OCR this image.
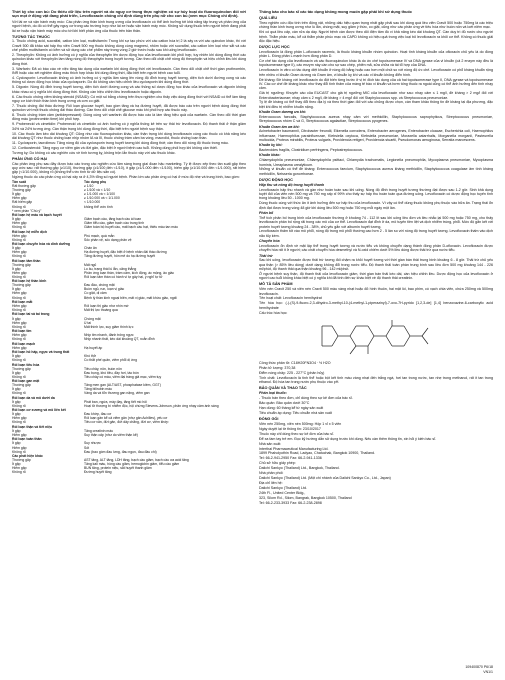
Thời kỳ cho con bú: Do thiếu dữ liệu trên người và do nguy cơ trong thực nghiệm có sự hủy hoại do fluoroquinolon đối với sụn mọt ở động vật đang phát triển, Levofloxacin chống chỉ định dùng trên phụ nữ cho con bú (xem mục Chống chỉ định).
Với lái xe và vận hành máy móc: Các phản ứng thần kinh trung ương của levofloxacin có thể ảnh hưởng tới khả năng tập trung và phản ứng của người bệnh, do đó có thể gây nguy cơ trong các trường hợp như lái xe hoặc vận hành máy móc. Không sử dụng thuốc trên người bệnh đang phải lái xe hoặc vận hành máy móc cho tới khi biết phản ứng của thuốc trên bản thân.
TƯƠNG TÁC THUỐC
1. Thuốc chống acid, sucralfat, cation kim loại, multivitamin: Trong khi sự tạo phức với các cation hóa trị 2 là xảy ra với các quinolon khác, thì với Cravit 500 đã khảo sát hấp thụ viên Cravit 500 mg thuốc không dùng cùng magnesi, nhôm hoặc với sucralfat, các cation kim loại như sắt và các chế phẩm multivitamin có kẽm và sử dụng các chế phẩm này trong vòng 2 giờ trước hoặc sau khi uống levofloxacin.
2. Theophylin: Không có ảnh hưởng có ý nghĩa của theophylin lên dược động học của levofloxacin khi phối hợp, tuy nhiên khi dùng đồng thời các quinolon khác với theophylin làm tăng nồng độ theophylin trong huyết tương. Cần theo dõi chặt chẽ nồng độ theophylin và hiệu chỉnh liều khi dùng đồng thời.
3. Warfarin: Đã có báo cáo về việc tăng tác dụng của warfarin khi dùng đồng thời với levofloxacin. Cần theo dõi chặt chẽ thời gian prothrombin, INR hoặc các xét nghiệm đông máu thích hợp khác khi dùng đồng thời, đặc biệt trên người bệnh cao tuổi.
4. Cyclosporin: Levofloxacin không có ảnh hưởng có ý nghĩa lâm sàng lên nồng độ đỉnh trong huyết tương, diện tích dưới đường cong và các thông số dược động học khác của cyclosporin. Do đó không cần hiệu chỉnh liều cyclosporin khi dùng đồng thời.
5. Digoxin: Nồng độ đỉnh trong huyết tương, diện tích dưới đường cong và các thông số dược động học khác của levofloxacin và digoxin không khác nhau có ý nghĩa khi dùng đồng thời. Không cần hiệu chỉnh liều levofloxacin hoặc digoxin.
6. Các thuốc chống viêm không steroid (NSAID): Có một số bằng chứng trên thực nghiệm cho thấy việc dùng đồng thời với NSAID có thể làm tăng nguy cơ kích thích thần kinh trung ương và cơn co giật.
7. Thuốc chống đái tháo đường: Rối loạn glucose huyết, bao gồm tăng và hạ đường huyết, đã được báo cáo trên người bệnh dùng đồng thời quinolon với một thuốc chống đái tháo đường. Cần theo dõi chặt chẽ glucose máu khi phối hợp các thuốc này.
8. Thuốc chống trầm cảm (antidepressant): Dùng cùng với warfarin đã được báo cáo là làm tăng hiệu quả của warfarin. Cần theo dõi thời gian đông máu (prothrombin time) khi phối hợp.
9. Probenecid và cimetidin: Probenecid và cimetidin có ảnh hưởng có ý nghĩa thống kê trên sự thải trừ levofloxacin. Độ thanh thải ở thận giảm 34% và 24% tương ứng. Cần thận trọng khi dùng đồng thời, đặc biệt trên người bệnh suy thận.
10. Các thuốc làm kéo dài khoảng QT: Cũng như các fluoroquinolon khác, cần thận trọng khi dùng levofloxacin cùng các thuốc có khả năng kéo dài khoảng QT như thuốc chống loạn nhịp nhóm IA và III, thuốc chống trầm cảm ba vòng, macrolid, thuốc chống loạn thần.
11. Cyclosporin, tacrolimus: Tăng nồng độ của cyclosporin trong huyết tương khi dùng đồng thời; cần theo dõi nồng độ thuốc trong máu.
12. Corticosteroid: Tăng nguy cơ viêm gân và đứt gân, đặc biệt ở người bệnh cao tuổi. Không dùng phối hợp khi không cần thiết.
Tương kỵ: Do không có các nghiên cứu về tính tương kỵ, không trộn lẫn thuốc này với các thuốc khác.
PHẢN ỨNG CÓ HẠI
Các phản ứng phụ sau đây được báo cáo trong các nghiên cứu lâm sàng trong giai đoạn hậu marketing. Tỷ lệ được xếp theo tần suất gặp theo quy ước sau: rất thường gặp (≥1/10), thường gặp (≥1/100 đến <1/10), ít gặp (≥1/1.000 đến <1/100), hiếm gặp (≥1/10.000 đến <1/1.000), rất hiếm gặp (<1/10.000), không rõ (không thể ước tính từ dữ liệu sẵn có).
Ngừng thuốc do các phản ứng có hại xảy ra ở 4,3% tổng số người bệnh. Phần lớn các phản ứng có hại ở mức độ nhẹ và trung bình, bao gồm:
Tần suất	Tác dụng phụ
Rất thường gặp	≥ 1/10
Thường gặp	≥ 1/100 và < 1/10
Ít gặp	≥ 1/1.000 và < 1/100
Hiếm gặp	≥ 1/10.000 và < 1/1.000
Rất hiếm gặp	< 1/10.000
Không rõ	không thể ước tính
* xem phần "Chú ý"	
Rối loạn hệ máu và bạch huyết	
Ít gặp	Giảm bạch cầu, tăng bạch cầu ái toan
Hiếm gặp	Giảm tiểu cầu, giảm bạch cầu trung tính
Không rõ	Giảm toàn bộ huyết cầu, mất bạch cầu hạt, thiếu máu tan máu
Rối loạn hệ miễn dịch	
Hiếm gặp	Phù mạch, quá mẫn
Không rõ	Sốc phản vệ, sốc dạng phản vệ
Rối loạn chuyển hóa và dinh dưỡng	
Ít gặp	Chán ăn
Hiếm gặp	Hạ đường huyết, đặc biệt ở bệnh nhân đái tháo đường
Không rõ	Tăng đường huyết, hôn mê do hạ đường huyết
Rối loạn tâm thần	
Thường gặp	Mất ngủ
Ít gặp	Lo âu, trạng thái lú lẫn, căng thẳng
Hiếm gặp	Phản ứng loạn thần, trầm cảm, kích động, ác mộng, ảo giác
Không rõ	Rối loạn tâm thần có hành vi tự gây hại, ý nghĩ tự tử
Rối loạn hệ thần kinh	
Thường gặp	Đau đầu, chóng mặt
Ít gặp	Buồn ngủ, run, loạn vị giác
Hiếm gặp	Co giật, dị cảm
Không rõ	Bệnh lý thần kinh ngoại biên, mất vị giác, mất khứu giác, ngất
Rối loạn mắt	
Hiếm gặp	Rối loạn thị giác như nhìn mờ
Không rõ	Mất thị lực thoáng qua
Rối loạn tai và tai trong	
Ít gặp	Chóng mặt
Hiếm gặp	Ù tai
Không rõ	Mất thính lực, suy giảm thính lực
Rối loạn tim	
Hiếm gặp	Nhịp tim nhanh, đánh trống ngực
Không rõ	Nhịp nhanh thất, kéo dài khoảng QT, xoắn đỉnh
Rối loạn mạch	
Hiếm gặp	Hạ huyết áp
Rối loạn hô hấp, ngực và trung thất	
Ít gặp	Khó thở
Không rõ	Co thắt phế quản, viêm phổi dị ứng
Rối loạn tiêu hóa	
Thường gặp	Tiêu chảy, nôn, buồn nôn
Ít gặp	Đau bụng, khó tiêu, đầy hơi, táo bón
Không rõ	Tiêu chảy có máu, viêm đại tràng giả mạc, viêm tụy
Rối loạn gan mật	
Thường gặp	Tăng men gan (ALT/AST, phosphatase kiềm, GGT)
Ít gặp	Tăng bilirubin máu
Không rõ	Vàng da và tổn thương gan nặng, viêm gan
Rối loạn da và mô dưới da	
Ít gặp	Phát ban, ngứa, mày đay, tăng tiết mồ hôi
Không rõ	Hoại tử thượng bì nhiễm độc, hội chứng Stevens-Johnson, phản ứng nhạy cảm ánh sáng
Rối loạn cơ xương và mô liên kết	
Ít gặp	Đau khớp, đau cơ
Hiếm gặp	Rối loạn gân kể cả viêm gân (như gân Achilles), yếu cơ
Không rõ	Tiêu cơ vân, đứt gân, đứt dây chằng, đứt cơ, viêm khớp
Rối loạn thận và tiết niệu	
Ít gặp	Tăng creatinin máu
Hiếm gặp	Suy thận cấp (như do viêm thận kẽ)
Rối loạn toàn thân	
Ít gặp	Suy nhược
Hiếm gặp	Sốt
Không rõ	Đau (bao gồm đau lưng, đau ngực, đau đầu chi)
Các phát hiện khác	
Thường gặp	AST tăng, ALT tăng, LDH tăng, bạch cầu giảm, bạch cầu ưa acid tăng
Ít gặp	Tăng kali máu, hồng cầu giảm, hemoglobin giảm, tiểu cầu giảm
Hiếm gặp	BUN tăng, protein niệu, sắt huyết thanh giảm
Không rõ	Đường huyết tăng
Thông báo cho bác sĩ các tác dụng không mong muốn gặp phải khi sử dụng thuốc
QUÁ LIỀU
Theo nghiên cứu độc tính trên động vật, những dấu hiệu quan trọng nhất gặp phải sau khi dùng quá liều viên Cravit 500 hoặc 750mg là các triệu chứng thần kinh trung ương như lú lẫn, chóng mặt, suy giảm ý thức, co giật, cũng như các phản ứng về tiêu hóa như buồn nôn và loét niêm mạc.
Khi có quá liều cấp, cần rửa dạ dày. Người bệnh cần được theo dõi điện tâm đồ vì khả năng kéo dài khoảng QT. Cần duy trì đủ nước cho người bệnh. Thẩm phân máu, kể cả thẩm phân phúc mạc và CAPD không có hiệu quả trong việc loại bỏ levofloxacin ra khỏi cơ thể. Không có thuốc giải độc đặc hiệu.
DƯỢC LỰC HỌC
Levofloxacin là đồng phân L-ofloxacin racemic, là thuốc kháng khuẩn nhóm quinolon. Hoạt tính kháng khuẩn của ofloxacin chủ yếu là do đồng phân L. Đồng phân L mạnh hơn đồng phân D.
Cơ chế tác dụng của levofloxacin và các fluoroquinolon khác là do ức chế topoisomerase IV và DNA gyrase của vi khuẩn (cả 2 enzym này đều là topoisomerase type II), các enzym này cần cho sự sao chép, phiên mã, sửa chữa và tái tổ hợp của DNA.
Levofloxacin in vitro có tác dụng diệt khuẩn ở nồng độ bằng hoặc cao hơn một chút so với nồng độ ức chế. Levofloxacin có phổ kháng khuẩn rộng trên nhiều vi khuẩn Gram dương và Gram âm, vi khuẩn kỵ khí và các vi khuẩn không điển hình.
Đề kháng: Đề kháng với levofloxacin do đột biến từng bước ở vị trí đích tác dụng của cả hai topoisomerase type II, DNA gyrase và topoisomerase IV. Các cơ chế đề kháng khác như thay đổi tính thấm của màng tế bào vi khuẩn và bơm tống thuốc ra ngoài cũng có thể ảnh hưởng đến tính nhạy cảm.
Giá trị ngưỡng: Khuyến cáo của EUCAST cho giá trị ngưỡng MIC của levofloxacin như sau: nhạy cảm ≤ 1 mg/l, đề kháng > 2 mg/l đối với Enterobacteriaceae; nhạy cảm ≤ 2 mg/l, đề kháng > 4 mg/l đối với Staphylococcus spp. và Streptococcus pneumoniae.
Tỷ lệ đề kháng có thể thay đổi theo địa lý và theo thời gian đối với các chủng được chọn, cần tham khảo thông tin đề kháng tại địa phương, đặc biệt khi điều trị nhiễm khuẩn nặng.
Khuẩn Gram dương ưa khí:
Enterococcus faecalis, Staphylococcus aureus nhạy cảm với methicillin, Staphylococcus saprophyticus, Streptococcus pneumoniae, Streptococcus nhóm C và G, Streptococcus agalactiae, Streptococcus pyogenes.
Khuẩn Gram âm ưa khí:
Acinetobacter baumannii, Citrobacter freundii, Eikenella corrodens, Enterobacter aerogenes, Enterobacter cloacae, Escherichia coli, Haemophilus influenzae, Haemophilus parainfluenzae, Klebsiella oxytoca, Klebsiella pneumoniae, Moraxella catarrhalis, Morganella morganii, Pasteurella multocida, Proteus mirabilis, Proteus vulgaris, Providencia rettgeri, Providencia stuartii, Pseudomonas aeruginosa, Serratia marcescens.
Khuẩn kỵ khí:
Bacteroides fragilis, Clostridium perfringens, Peptostreptococcus.
Khuẩn khác:
Chlamydophila pneumoniae, Chlamydophila psittaci, Chlamydia trachomatis, Legionella pneumophila, Mycoplasma pneumoniae, Mycoplasma hominis, Ureaplasma urealyticum.
Những vi khuẩn có thể đề kháng: Enterococcus faecium, Staphylococcus aureus kháng methicillin, Staphylococcus coagulase âm tính kháng methicillin, Neisseria gonorrhoeae.
DƯỢC ĐỘNG HỌC
Hấp thu và nồng độ trong huyết thanh
Levofloxacin hấp thu nhanh và gần như hoàn toàn sau khi uống. Nồng độ đỉnh trong huyết tương thường đạt được sau 1-2 giờ. Sinh khả dụng tuyệt đối của viên nén 500 mg và 750 mg xấp xỉ 99% cho thấy sự hấp thu hoàn toàn qua đường uống. Levofloxacin có dược động học tuyến tính trong khoảng liều 50 - 1000 mg.
Dùng thuốc cùng với thức ăn ít ảnh hưởng đến sự hấp thu của levofloxacin. Vì vậy có thể dùng thuốc không phụ thuộc vào bữa ăn. Trạng thái ổn định đạt được trong vòng 48 giờ khi dùng liều 500 mg hoặc 750 mg mỗi ngày một lần.
Phân bố
Thể tích phân bố trung bình của levofloxacin thường ở khoảng 74 - 112 lít sau khi uống liều đơn và liều nhắc lại 500 mg hoặc 750 mg, cho thấy levofloxacin phân bố rộng rãi trong các mô của cơ thể. Levofloxacin đạt đỉnh ở da, mô tuyến tiền liệt và dịch nhiễm trùng, phổi. Mức độ gắn kết với protein huyết tương khoảng 24 - 38%, chủ yếu gắn với albumin huyết tương.
Levofloxacin thấm tốt vào mô phổi, nồng độ trong mô phổi thường cao hơn 2 - 5 lần so với nồng độ trong huyết tương. Levofloxacin thấm vào dịch não tủy kém.
Chuyển hóa
Levofloxacin ổn định về mặt lập thể trong huyết tương và nước tiểu và không chuyển dạng thành đồng phân D-ofloxacin. Levofloxacin được chuyển hóa rất ít ở người; các chất chuyển hóa desmethyl và N-oxid chiếm dưới 5% liều dùng được thải trừ qua nước tiểu.
Thải trừ
Sau khi uống, levofloxacin được thải trừ tương đối chậm ra khỏi huyết tương với thời gian bán thải trung bình khoảng 6 - 8 giờ. Thải trừ chủ yếu qua thận (> 85% liều dùng) dưới dạng không đổi trong nước tiểu. Độ thanh thải toàn phần trung bình sau liều đơn 500 mg khoảng 144 - 226 ml/phút, độ thanh thải qua thận khoảng 96 - 142 ml/phút.
Ở người bệnh suy thận, độ thanh thải của levofloxacin giảm, thời gian bán thải kéo dài, cần hiệu chỉnh liều. Dược động học của levofloxacin ở người cao tuổi không khác biệt có ý nghĩa khi đã tính đến sự khác biệt về độ thanh thải creatinin.
MÔ TẢ SẢN PHẨM
Viên nén Cravit 250 và viên nén Cravit 500 màu vàng nhạt hoặc đỏ hình thuôn, hai mặt lồi, bao phim, có vạch chia viên, chứa 250mg và 500mg levofloxacin.
Tên hoạt chất: Levofloxacin hemihydrat
Tên hóa học: (-)-(S)-9-fluoro-2,3-dihydro-3-methyl-10-(4-methyl-1-piperazinyl)-7-oxo-7H-pyrido [1,2,3-de] [1,4] benzoxazine-6-carboxylic acid hemihydrate
Cấu trúc hóa học:
Công thức phân tử: C18H20FN3O4 · ½ H2O
Phân tử lượng: 370,38
Điểm nóng chảy: 225 - 227°C (phân hủy)
Tính chất: Levofloxacin là tinh thể hoặc bột kết tinh màu vàng nhạt đến trắng ngà, hơi tan trong nước, tan nhẹ trong methanol, rất ít tan trong ethanol. Độ hòa tan trong nước phụ thuộc vào pH.
BẢO QUẢN VÀ THAO TÁC
Phân loại thuốc:
- Thuốc bán theo đơn, chỉ dùng theo sự kê đơn của bác sĩ.
Bảo quản: Bảo quản dưới 30°C
Hạn dùng: 60 tháng kể từ ngày sản xuất
Tiêu chuẩn áp dụng: Tiêu chuẩn nhà sản xuất
ĐÓNG GÓI
Viên nén 250mg, viên nén 500mg: Hộp 1 vỉ x 5 viên
Ngày duyệt lại tờ thông tin: 23/10/2017
Thuốc này chỉ dùng theo sự kê đơn của bác sĩ.
Để xa tầm tay trẻ em. Đọc kỹ hướng dẫn sử dụng trước khi dùng. Nếu cần thêm thông tin, xin hỏi ý kiến bác sĩ.
Nhà sản xuất:
Interthai Pharmaceutical Manufacturing Ltd.
1899 Phaholyothin Road, Ladyao, Chatuchak, Bangkok 10900, Thailand.
Tel: 66-2-941-2950 Fax: 66-2-941-1336
Chủ sở hữu giấy phép:
Daiichi Sankyo (Thailand) Ltd., Bangkok, Thailand.
Nhà phân phối:
Daiichi Sankyo (Thailand) Ltd. (Một chi nhánh của Daiichi Sankyo Co., Ltd., Japan)
Địa chỉ liên hệ:
Daiichi Sankyo (Thailand) Ltd.
24th Fl., United Center Bldg.,
323, Silom Rd., Silom, Bangrak, Bangkok 10500, Thailand
Tel: 66-2-233-3933 Fax: 66-2-238-2898
109400870 P6/18
VN1/1
